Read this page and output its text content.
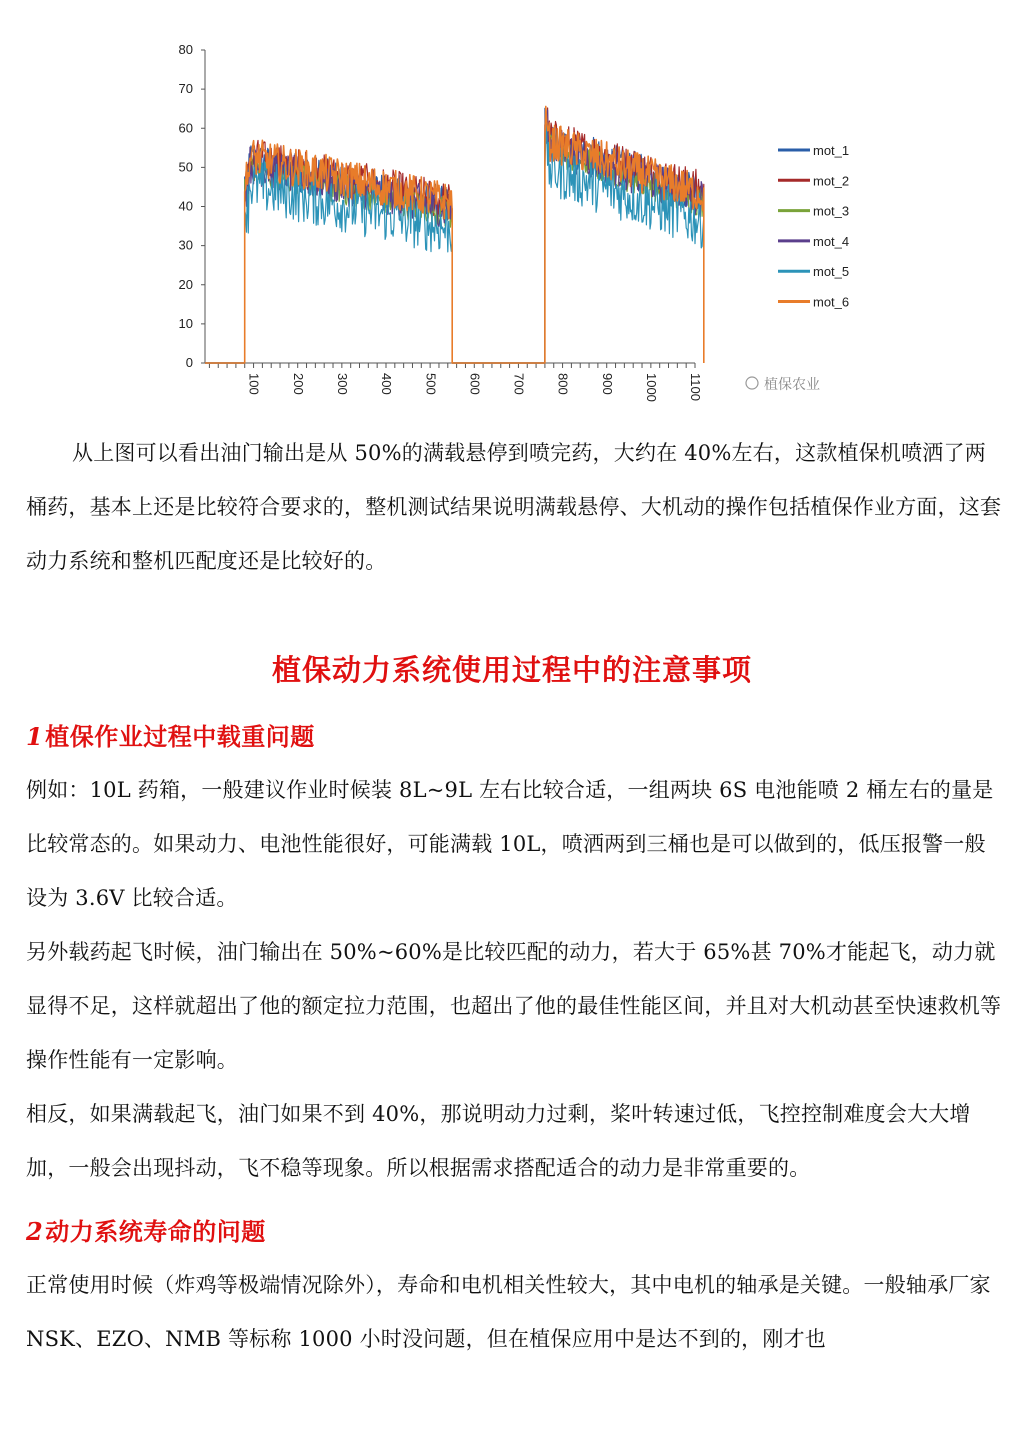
0
10
20
30
40
50
60
70
80
100 200 300 400 500 600 700 800 900 1000 1100
mot_1
mot_2
mot_3
mot_4
mot_5
mot_6
植保农业

从上图可以看出油门输出是从 50%的满载悬停到喷完药，大约在 40%左右，这款植保机喷洒了两桶药，基本上还是比较符合要求的，整机测试结果说明满载悬停、大机动的操作包括植保作业方面，这套动力系统和整机匹配度还是比较好的。

植保动力系统使用过程中的注意事项
1植保作业过程中载重问题

例如：10L 药箱，一般建议作业时候装 8L~9L 左右比较合适，一组两块 6S 电池能喷 2 桶左右的量是比较常态的。如果动力、电池性能很好，可能满载 10L，喷洒两到三桶也是可以做到的，低压报警一般设为 3.6V 比较合适。

另外载药起飞时候，油门输出在 50%~60%是比较匹配的动力，若大于 65%甚 70%才能起飞，动力就显得不足，这样就超出了他的额定拉力范围，也超出了他的最佳性能区间，并且对大机动甚至快速救机等操作性能有一定影响。

相反，如果满载起飞，油门如果不到 40%，那说明动力过剩，桨叶转速过低，飞控控制难度会大大增加，一般会出现抖动，飞不稳等现象。所以根据需求搭配适合的动力是非常重要的。

2动力系统寿命的问题

正常使用时候（炸鸡等极端情况除外），寿命和电机相关性较大，其中电机的轴承是关键。一般轴承厂家 NSK、EZO、NMB 等标称 1000 小时没问题，但在植保应用中是达不到的，刚才也
